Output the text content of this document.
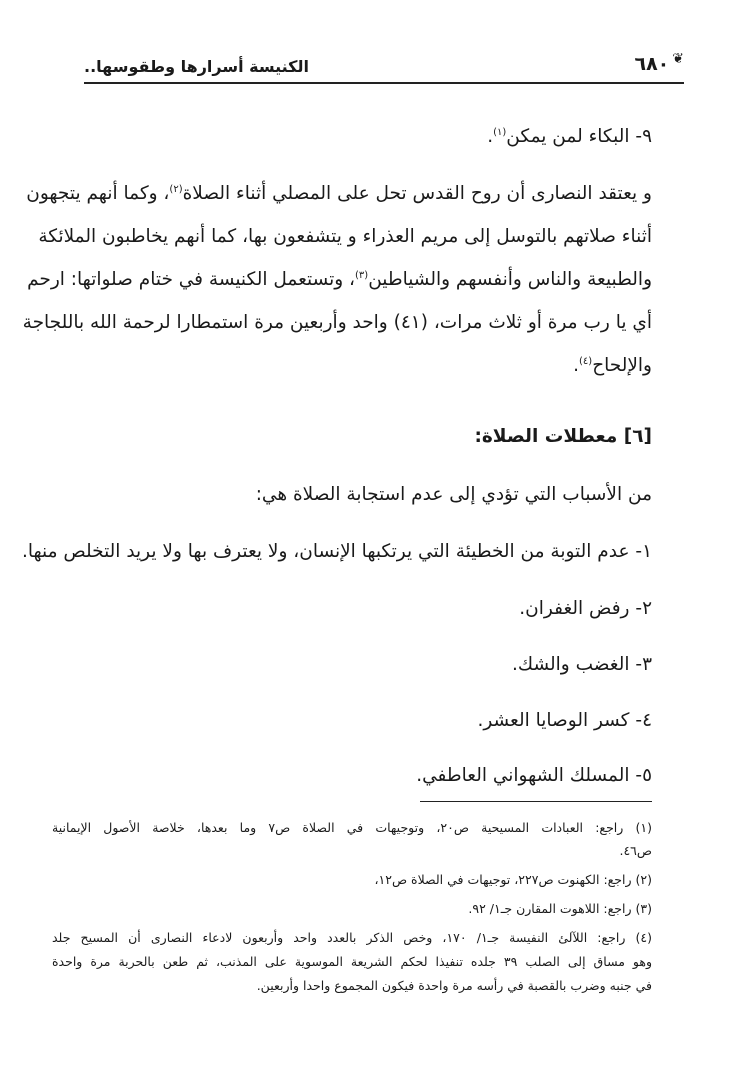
❦
٦٨٠
الكنيسة أسرارها وطقوسها..
٩- البكاء لمن يمكن$^{(١)}$.
و يعتقد النصارى أن روح القدس تحل على المصلي أثناء الصلاة$^{(٢)}$، وكما أنهم يتجهون
أثناء صلاتهم بالتوسل إلى مريم العذراء و يتشفعون بها، كما أنهم يخاطبون الملائكة
والطبيعة والناس وأنفسهم والشياطين$^{(٣)}$، وتستعمل الكنيسة في ختام صلواتها: ارحم
أي يا رب مرة أو ثلاث مرات، (٤١) واحد وأربعين مرة استمطارا لرحمة الله باللجاجة
والإلحاح$^{(٤)}$.
[٦] معطلات الصلاة:
من الأسباب التي تؤدي إلى عدم استجابة الصلاة هي:
١- عدم التوبة من الخطيئة التي يرتكبها الإنسان، ولا يعترف بها ولا يريد التخلص منها.
٢- رفض الغفران.
٣- الغضب والشك.
٤- كسر الوصايا العشر.
٥- المسلك الشهواني العاطفي.
(١) راجع: العبادات المسيحية ص٢٠، وتوجيهات في الصلاة ص٧ وما بعدها، خلاصة الأصول الإيمانية
ص٤٦.
(٢) راجع: الكهنوت ص٢٢٧، توجيهات في الصلاة ص١٢،
(٣) راجع: اللاهوت المقارن جـ١/ ٩٢.
(٤) راجع: اللآلئ النفيسة جـ١/ ١٧٠، وخص الذكر بالعدد واحد وأربعون لادعاء النصارى أن المسيح جلد
وهو مساق إلى الصلب ٣٩ جلده تنفيذا لحكم الشريعة الموسوية على المذنب، ثم طعن بالحربة مرة واحدة
في جنبه وضرب بالقصبة في رأسه مرة واحدة فيكون المجموع واحدا وأربعين.
